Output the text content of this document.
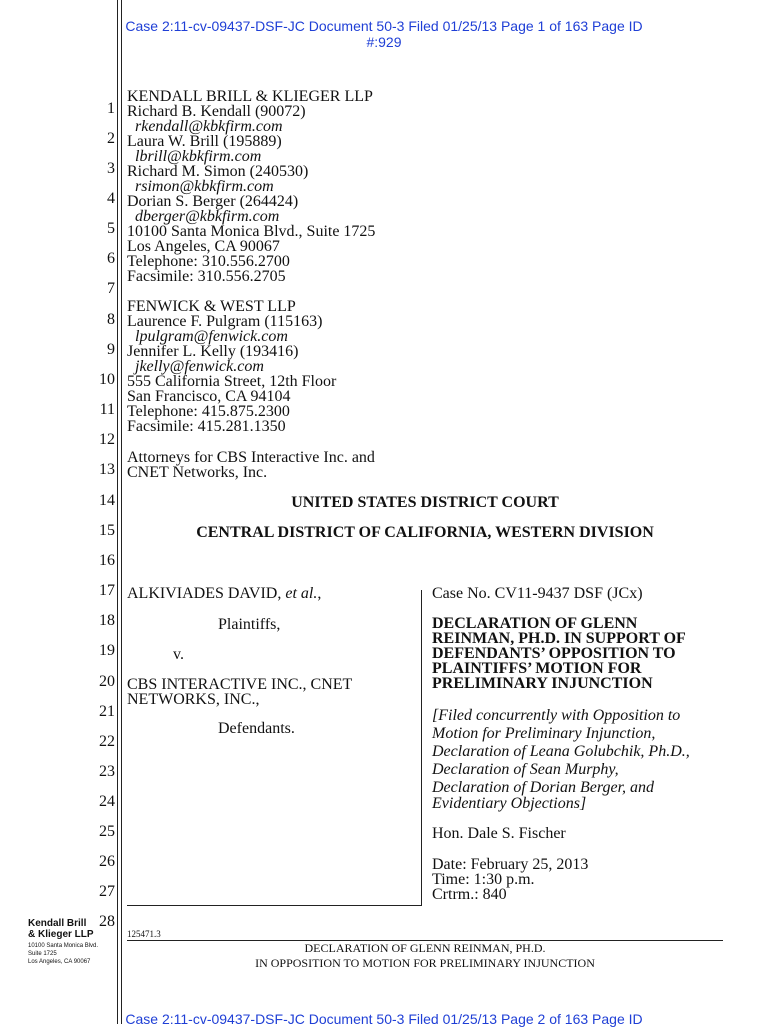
Case 2:11-cv-09437-DSF-JC Document 50-3 Filed 01/25/13 Page 1 of 163 Page ID
#:929
Case 2:11-cv-09437-DSF-JC Document 50-3 Filed 01/25/13 Page 2 of 163 Page ID
1
2
3
4
5
6
7
8
9
10
11
12
13
14
15
16
17
18
19
20
21
22
23
24
25
26
27
28
KENDALL BRILL & KLIEGER LLP
Richard B. Kendall (90072)
rkendall@kbkfirm.com
Laura W. Brill (195889)
lbrill@kbkfirm.com
Richard M. Simon (240530)
rsimon@kbkfirm.com
Dorian S. Berger (264424)
dberger@kbkfirm.com
10100 Santa Monica Blvd., Suite 1725
Los Angeles, CA 90067
Telephone: 310.556.2700
Facsimile: 310.556.2705
FENWICK & WEST LLP
Laurence F. Pulgram (115163)
lpulgram@fenwick.com
Jennifer L. Kelly (193416)
jkelly@fenwick.com
555 California Street, 12th Floor
San Francisco, CA 94104
Telephone: 415.875.2300
Facsimile: 415.281.1350
Attorneys for CBS Interactive Inc. and
CNET Networks, Inc.
UNITED STATES DISTRICT COURT
CENTRAL DISTRICT OF CALIFORNIA, WESTERN DIVISION
ALKIVIADES DAVID, et al.,
Plaintiffs,
v.
CBS INTERACTIVE INC., CNET
NETWORKS, INC.,
Defendants.
Case No. CV11-9437 DSF (JCx)
DECLARATION OF GLENN
REINMAN, PH.D. IN SUPPORT OF
DEFENDANTS’ OPPOSITION TO
PLAINTIFFS’ MOTION FOR
PRELIMINARY INJUNCTION
[Filed concurrently with Opposition to
Motion for Preliminary Injunction,
Declaration of Leana Golubchik, Ph.D.,
Declaration of Sean Murphy,
Declaration of Dorian Berger, and
Evidentiary Objections]
Hon. Dale S. Fischer
Date: February 25, 2013
Time: 1:30 p.m.
Crtrm.: 840
125471.3
DECLARATION OF GLENN REINMAN, PH.D.
IN OPPOSITION TO MOTION FOR PRELIMINARY INJUNCTION
Kendall Brill
& Klieger LLP
10100 Santa Monica Blvd.
Suite 1725
Los Angeles, CA 90067
